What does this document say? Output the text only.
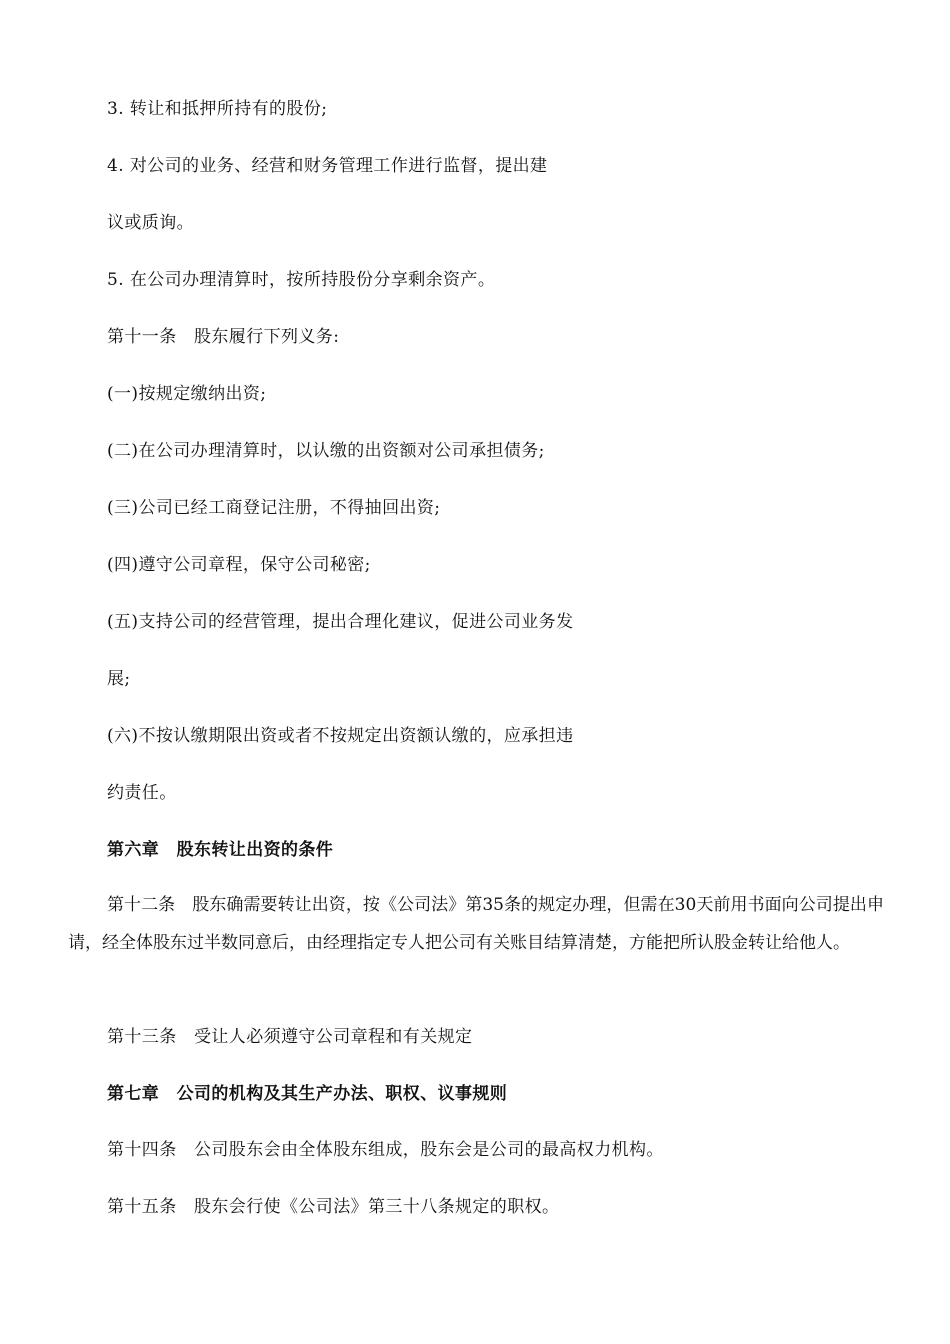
3. 转让和抵押所持有的股份;
4. 对公司的业务、经营和财务管理工作进行监督，提出建
议或质询。
5. 在公司办理清算时，按所持股份分享剩余资产。
第十一条　股东履行下列义务:
(一)按规定缴纳出资;
(二)在公司办理清算时，以认缴的出资额对公司承担债务;
(三)公司已经工商登记注册，不得抽回出资;
(四)遵守公司章程，保守公司秘密;
(五)支持公司的经营管理，提出合理化建议，促进公司业务发
展;
(六)不按认缴期限出资或者不按规定出资额认缴的，应承担违
约责任。
第六章　股东转让出资的条件
第十二条　股东确需要转让出资，按《公司法》第35条的规定办理，但需在30天前用书面向公司提出申请，经全体股东过半数同意后，由经理指定专人把公司有关账目结算清楚，方能把所认股金转让给他人。
第十三条　受让人必须遵守公司章程和有关规定
第七章　公司的机构及其生产办法、职权、议事规则
第十四条　公司股东会由全体股东组成，股东会是公司的最高权力机构。
第十五条　股东会行使《公司法》第三十八条规定的职权。
